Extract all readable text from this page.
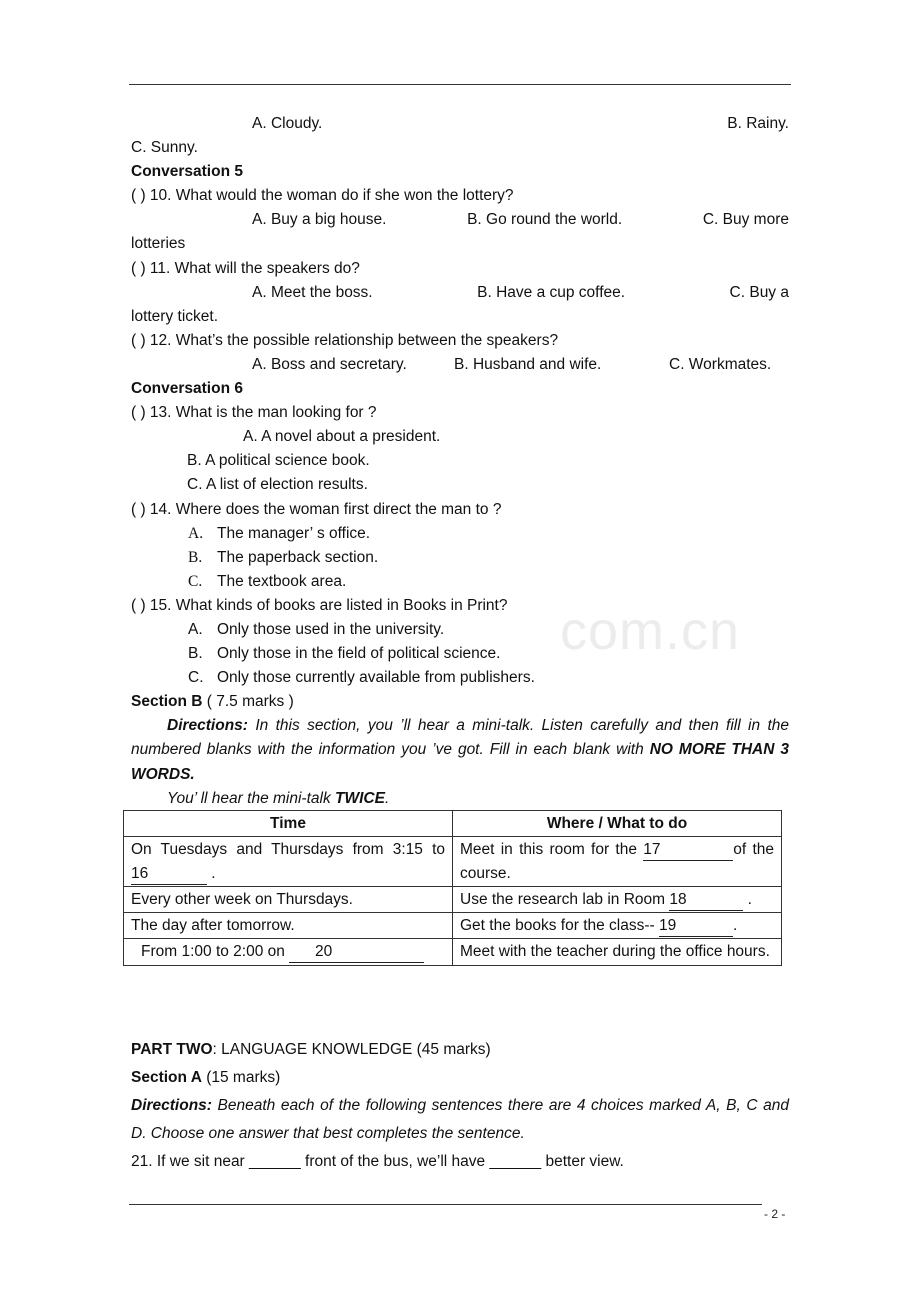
com.cn
A. Cloudy.	B. Rainy.
C. Sunny.
Conversation 5
( ) 10. What would the woman do if she won the lottery?
A. Buy a big house.	B. Go round the world.	C. Buy more
lotteries
( ) 11. What will the speakers do?
A. Meet the boss.	B. Have a cup coffee.	C. Buy a
lottery ticket.
( ) 12. What’s the possible relationship between the speakers?
A. Boss and secretary.	B. Husband and wife.	C. Workmates.
Conversation 6
( ) 13. What is the man looking for ?
A. A novel about a president.
B. A political science book.
C. A list of election results.
( ) 14. Where does the woman first direct the man to ?
A. The manager’ s office.
B. The paperback section.
C. The textbook area.
( ) 15. What kinds of books are listed in Books in Print?
A. Only those used in the university.
B. Only those in the field of political science.
C. Only those currently available from publishers.
Section B ( 7.5 marks )
Directions: In this section, you ’ll hear a mini-talk. Listen carefully and then fill in the numbered blanks with the information you ’ve got. Fill in each blank with NO MORE THAN 3 WORDS.
You’ ll hear the mini-talk TWICE.
Time	Where / What to do
On Tuesdays and Thursdays from 3:15 to 16 .	Meet in this room for the 17 of the course.
Every other week on Thursdays.	Use the research lab in Room 18 .
The day after tomorrow.	Get the books for the class-- 19 .
From 1:00 to 2:00 on       20	Meet with the teacher during the office hours.
PART TWO: LANGUAGE KNOWLEDGE (45 marks)
Section A (15 marks)
Directions: Beneath each of the following sentences there are 4 choices marked A, B, C and D. Choose one answer that best completes the sentence.
21. If we sit near ______ front of the bus, we’ll have ______ better view.
- 2 -
